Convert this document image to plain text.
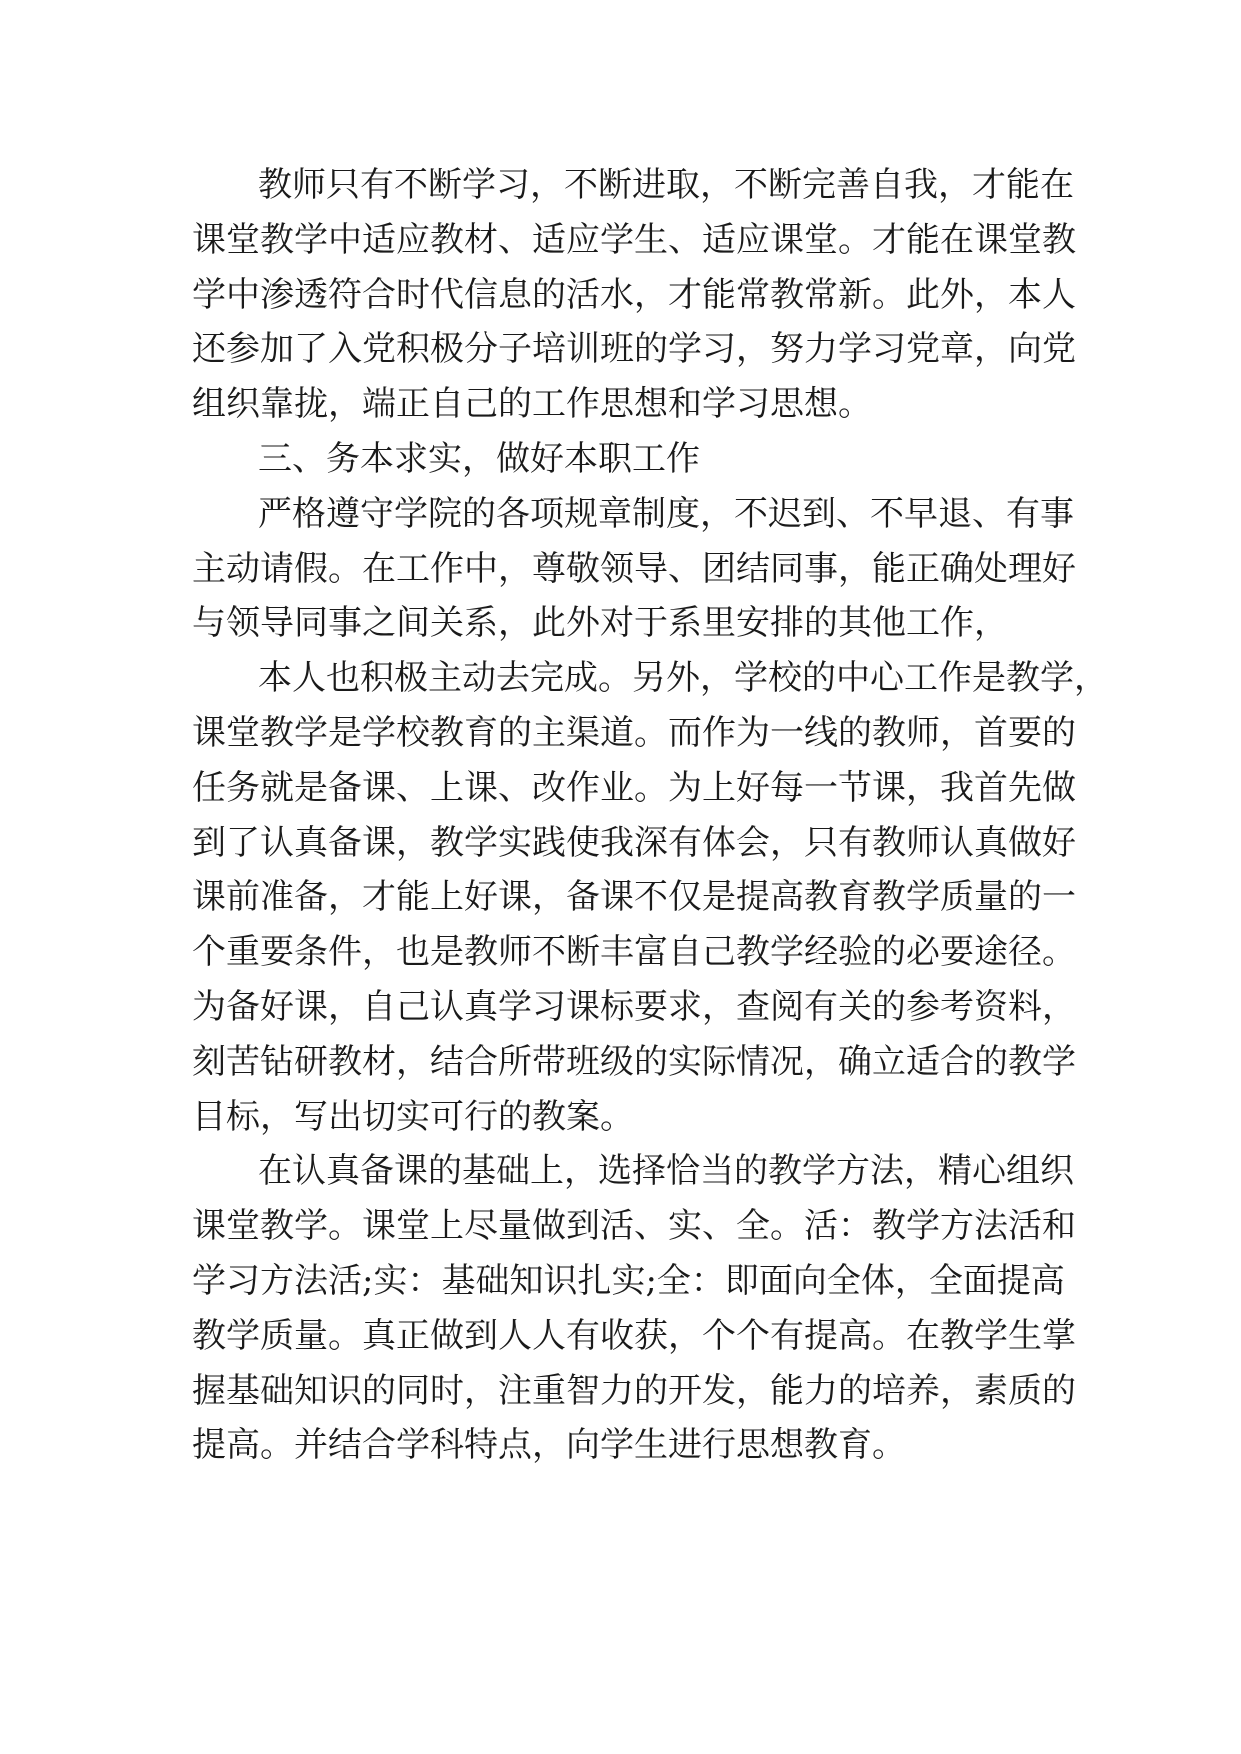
教师只有不断学习，不断进取，不断完善自我，才能在
课堂教学中适应教材、适应学生、适应课堂。才能在课堂教
学中渗透符合时代信息的活水，才能常教常新。此外，本人
还参加了入党积极分子培训班的学习，努力学习党章，向党
组织靠拢，端正自己的工作思想和学习思想。
三、务本求实，做好本职工作
严格遵守学院的各项规章制度，不迟到、不早退、有事
主动请假。在工作中，尊敬领导、团结同事，能正确处理好
与领导同事之间关系，此外对于系里安排的其他工作，
本人也积极主动去完成。另外，学校的中心工作是教学，
课堂教学是学校教育的主渠道。而作为一线的教师，首要的
任务就是备课、上课、改作业。为上好每一节课，我首先做
到了认真备课，教学实践使我深有体会，只有教师认真做好
课前准备，才能上好课，备课不仅是提高教育教学质量的一
个重要条件，也是教师不断丰富自己教学经验的必要途径。
为备好课，自己认真学习课标要求，查阅有关的参考资料，
刻苦钻研教材，结合所带班级的实际情况，确立适合的教学
目标，写出切实可行的教案。
在认真备课的基础上，选择恰当的教学方法，精心组织
课堂教学。课堂上尽量做到活、实、全。活：教学方法活和
学习方法活;实：基础知识扎实;全：即面向全体，全面提高
教学质量。真正做到人人有收获，个个有提高。在教学生掌
握基础知识的同时，注重智力的开发，能力的培养，素质的
提高。并结合学科特点，向学生进行思想教育。
